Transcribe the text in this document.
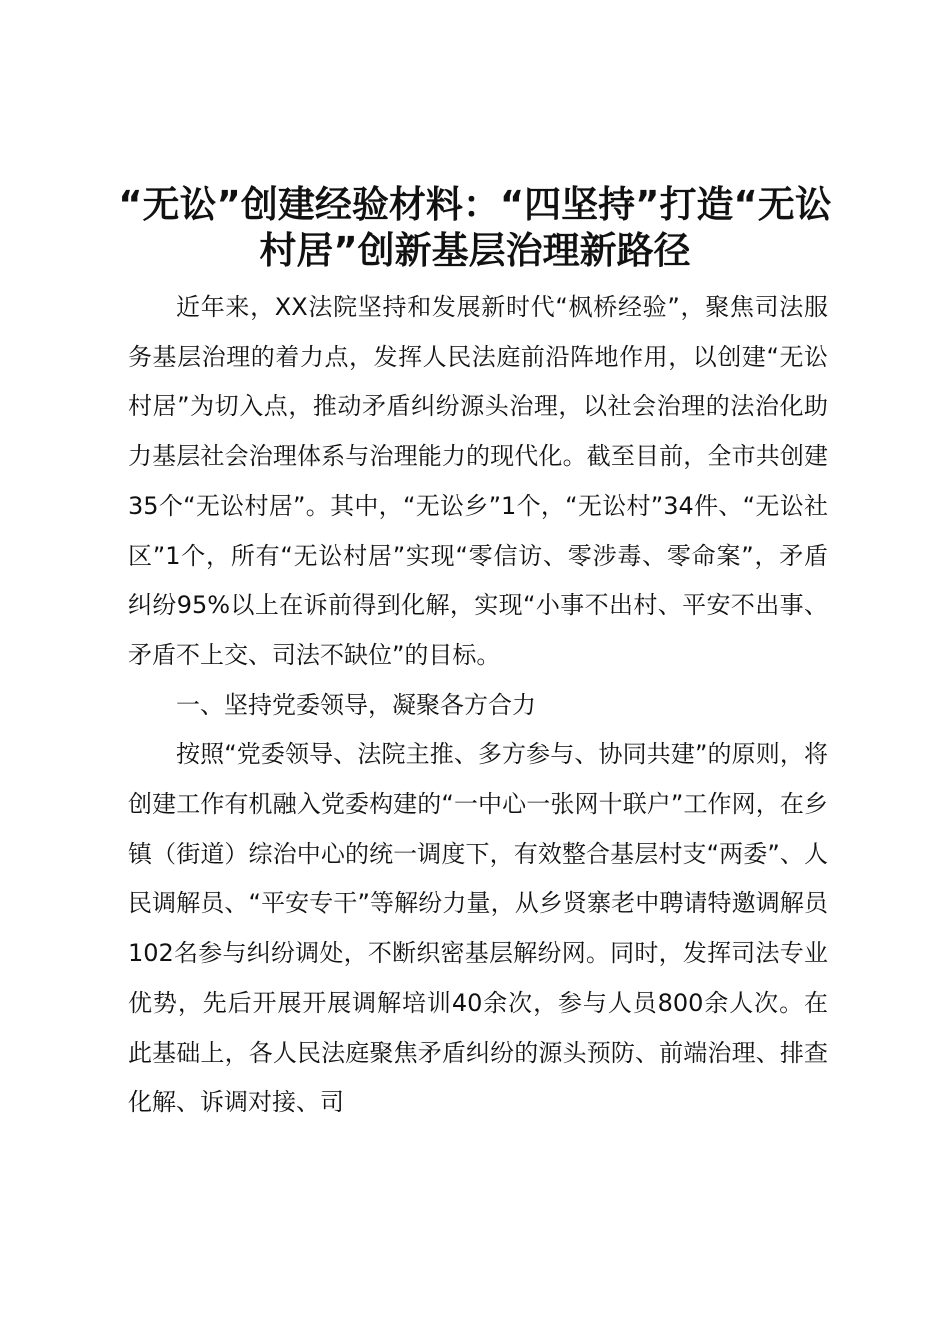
“无讼”创建经验材料：“四坚持”打造“无讼村居”创新基层治理新路径

近年来，XX法院坚持和发展新时代“枫桥经验”，聚焦司法服务基层治理的着力点，发挥人民法庭前沿阵地作用，以创建“无讼村居”为切入点，推动矛盾纠纷源头治理，以社会治理的法治化助力基层社会治理体系与治理能力的现代化。截至目前，全市共创建35个“无讼村居”。其中，“无讼乡”1个，“无讼村”34件、“无讼社区”1个，所有“无讼村居”实现“零信访、零涉毒、零命案”，矛盾纠纷95%以上在诉前得到化解，实现“小事不出村、平安不出事、矛盾不上交、司法不缺位”的目标。

一、坚持党委领导，凝聚各方合力

按照“党委领导、法院主推、多方参与、协同共建”的原则，将创建工作有机融入党委构建的“一中心一张网十联户”工作网，在乡镇（街道）综治中心的统一调度下，有效整合基层村支“两委”、人民调解员、“平安专干”等解纷力量，从乡贤寨老中聘请特邀调解员102名参与纠纷调处，不断织密基层解纷网。同时，发挥司法专业优势，先后开展开展调解培训40余次，参与人员800余人次。在此基础上，各人民法庭聚焦矛盾纠纷的源头预防、前端治理、排查化解、诉调对接、司
